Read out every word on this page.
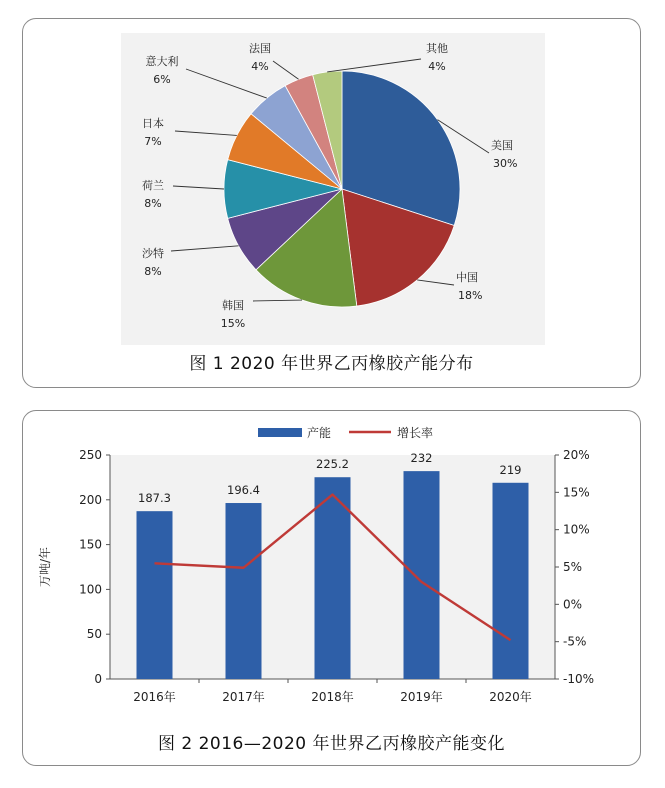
美国
30%
中国
18%
韩国
15%
沙特
8%
荷兰
8%
日本
7%
意大利
6%
法国
4%
其他
4%
图 1 2020 年世界乙丙橡胶产能分布
0
50
100
150
200
250
-10%
-5%
0%
5%
10%
15%
20%
万吨/年
187.3
2016年
196.4
2017年
225.2
2018年
232
2019年
219
2020年
产能	增长率
图 2 2016—2020 年世界乙丙橡胶产能变化
